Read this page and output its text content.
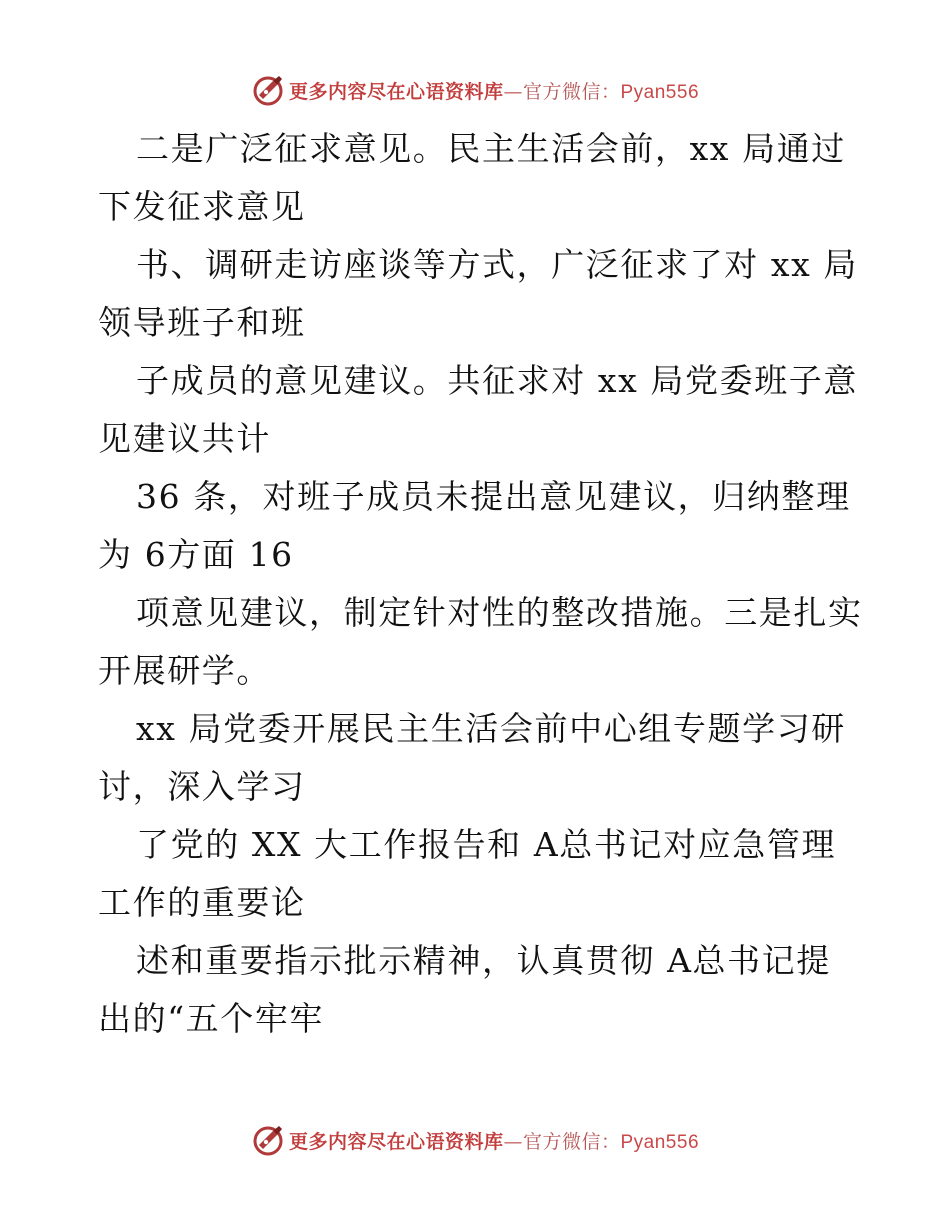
更多内容尽在心语资料库—官方微信：Pyan556
二是广泛征求意见。民主生活会前，xx 局通过
下发征求意见
书、调研走访座谈等方式，广泛征求了对 xx 局
领导班子和班
子成员的意见建议。共征求对 xx 局党委班子意
见建议共计
36 条，对班子成员未提出意见建议，归纳整理
为 6方面 16
项意见建议，制定针对性的整改措施。三是扎实
开展研学。
xx 局党委开展民主生活会前中心组专题学习研
讨，深入学习
了党的 XX 大工作报告和 A总书记对应急管理
工作的重要论
述和重要指示批示精神，认真贯彻 A总书记提
出的“五个牢牢
更多内容尽在心语资料库—官方微信：Pyan556
